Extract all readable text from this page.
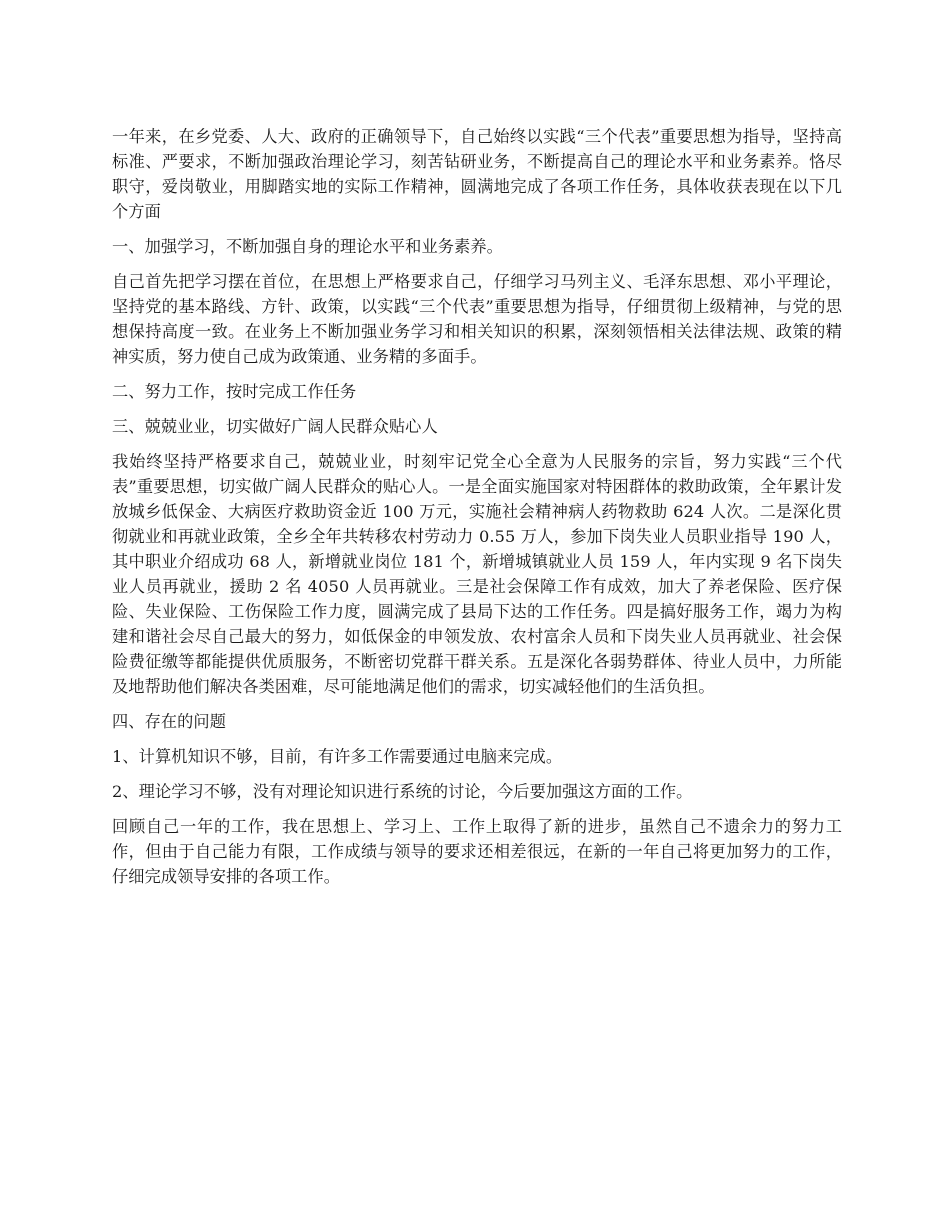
一年来，在乡党委、人大、政府的正确领导下，自己始终以实践“三个代表”重要思想为指导，坚持高标准、严要求，不断加强政治理论学习，刻苦钻研业务，不断提高自己的理论水平和业务素养。恪尽职守，爱岗敬业，用脚踏实地的实际工作精神，圆满地完成了各项工作任务，具体收获表现在以下几个方面

一、加强学习，不断加强自身的理论水平和业务素养。

自己首先把学习摆在首位，在思想上严格要求自己，仔细学习马列主义、毛泽东思想、邓小平理论，坚持党的基本路线、方针、政策，以实践“三个代表”重要思想为指导，仔细贯彻上级精神，与党的思想保持高度一致。在业务上不断加强业务学习和相关知识的积累，深刻领悟相关法律法规、政策的精神实质，努力使自己成为政策通、业务精的多面手。

二、努力工作，按时完成工作任务

三、兢兢业业，切实做好广阔人民群众贴心人

我始终坚持严格要求自己，兢兢业业，时刻牢记党全心全意为人民服务的宗旨，努力实践“三个代表”重要思想，切实做广阔人民群众的贴心人。一是全面实施国家对特困群体的救助政策，全年累计发放城乡低保金、大病医疗救助资金近 100 万元，实施社会精神病人药物救助 624 人次。二是深化贯彻就业和再就业政策，全乡全年共转移农村劳动力 0.55 万人，参加下岗失业人员职业指导 190 人，其中职业介绍成功 68 人，新增就业岗位 181 个，新增城镇就业人员 159 人，年内实现 9 名下岗失业人员再就业，援助 2 名 4050 人员再就业。三是社会保障工作有成效，加大了养老保险、医疗保险、失业保险、工伤保险工作力度，圆满完成了县局下达的工作任务。四是搞好服务工作，竭力为构建和谐社会尽自己最大的努力，如低保金的申领发放、农村富余人员和下岗失业人员再就业、社会保险费征缴等都能提供优质服务，不断密切党群干群关系。五是深化各弱势群体、待业人员中，力所能及地帮助他们解决各类困难，尽可能地满足他们的需求，切实减轻他们的生活负担。

四、存在的问题

1、计算机知识不够，目前，有许多工作需要通过电脑来完成。

2、理论学习不够，没有对理论知识进行系统的讨论，今后要加强这方面的工作。

回顾自己一年的工作，我在思想上、学习上、工作上取得了新的进步，虽然自己不遗余力的努力工作，但由于自己能力有限，工作成绩与领导的要求还相差很远，在新的一年自己将更加努力的工作，仔细完成领导安排的各项工作。
